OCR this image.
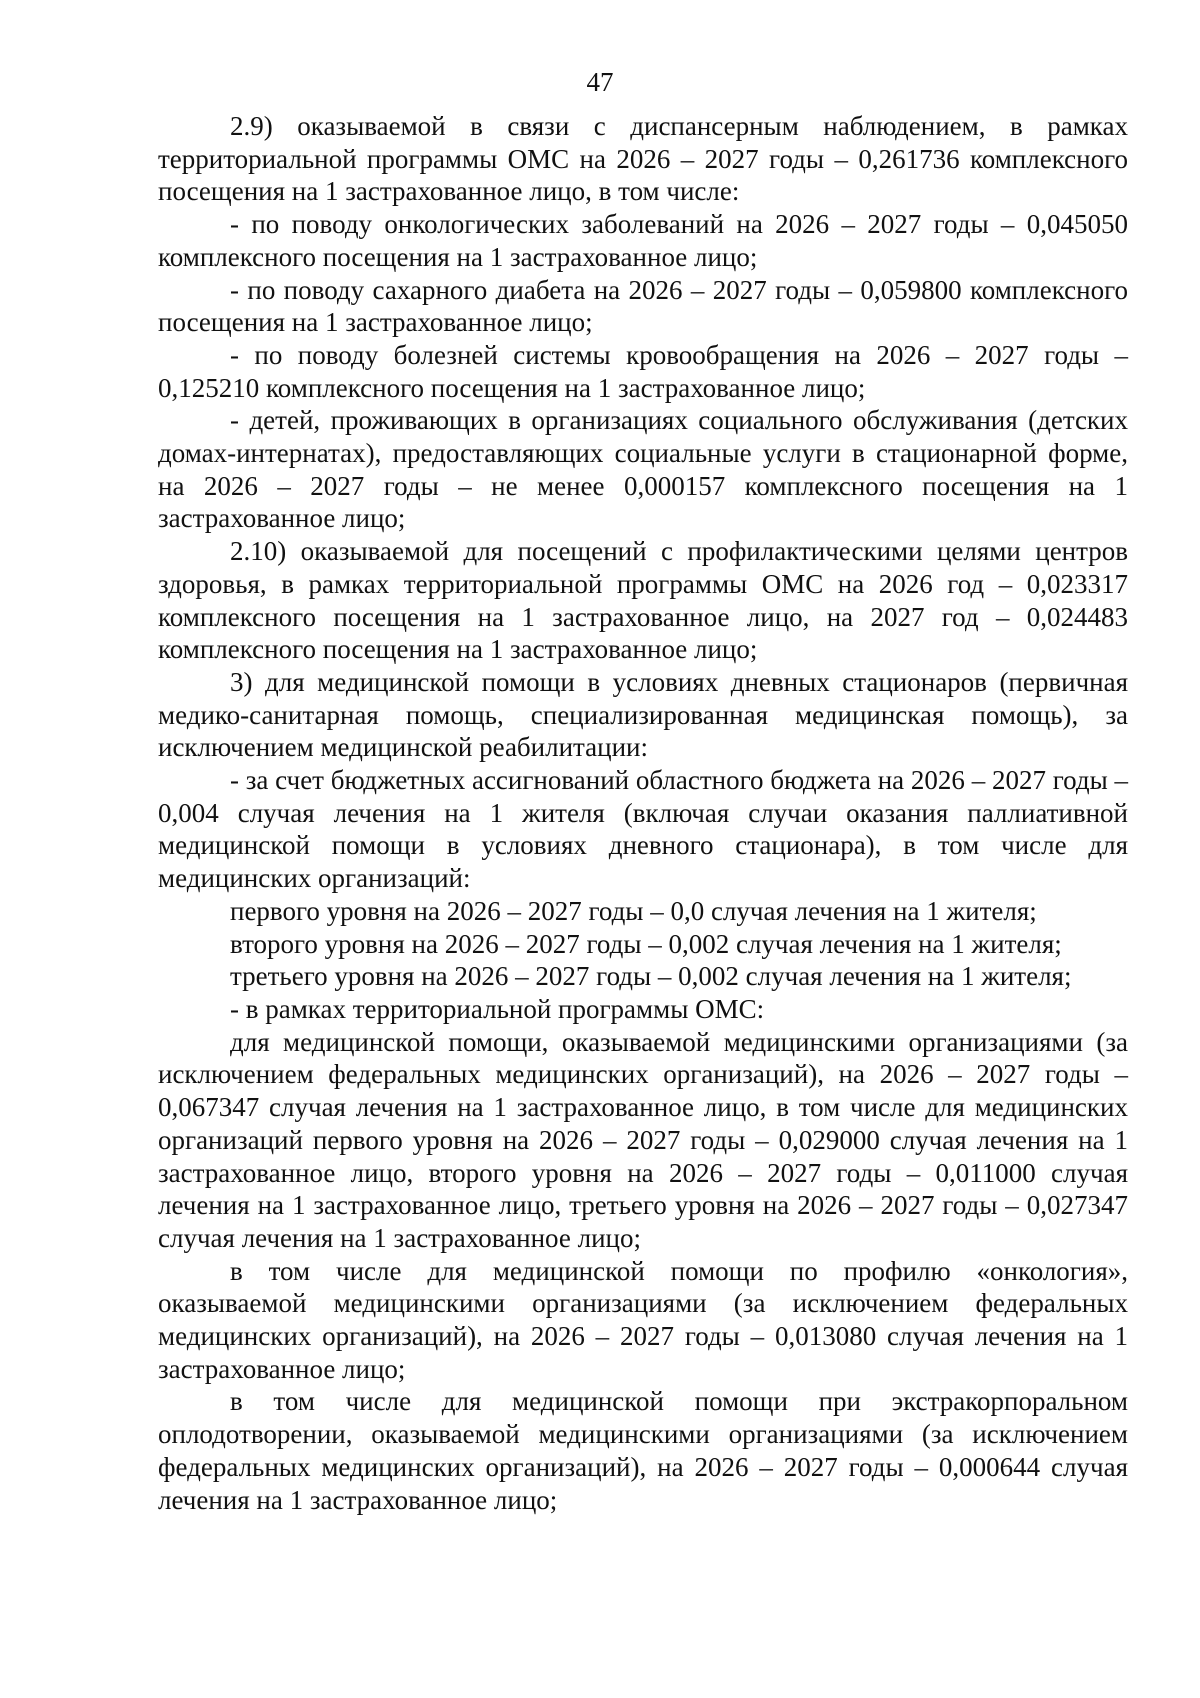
47

2.9) оказываемой в связи с диспансерным наблюдением, в рамках территориальной программы ОМС на 2026 – 2027 годы – 0,261736 комплексного посещения на 1 застрахованное лицо, в том числе:

- по поводу онкологических заболеваний на 2026 – 2027 годы – 0,045050 комплексного посещения на 1 застрахованное лицо;

- по поводу сахарного диабета на 2026 – 2027 годы – 0,059800 комплексного посещения на 1 застрахованное лицо;

- по поводу болезней системы кровообращения на 2026 – 2027 годы – 0,125210 комплексного посещения на 1 застрахованное лицо;

- детей, проживающих в организациях социального обслуживания (детских домах-интернатах), предоставляющих социальные услуги в стационарной форме, на 2026 – 2027 годы – не менее 0,000157 комплексного посещения на 1 застрахованное лицо;

2.10) оказываемой для посещений с профилактическими целями центров здоровья, в рамках территориальной программы ОМС на 2026 год – 0,023317 комплексного посещения на 1 застрахованное лицо, на 2027 год – 0,024483 комплексного посещения на 1 застрахованное лицо;

3) для медицинской помощи в условиях дневных стационаров (первичная медико-санитарная помощь, специализированная медицинская помощь), за исключением медицинской реабилитации:

- за счет бюджетных ассигнований областного бюджета на 2026 – 2027 годы – 0,004 случая лечения на 1 жителя (включая случаи оказания паллиативной медицинской помощи в условиях дневного стационара), в том числе для медицинских организаций:

первого уровня на 2026 – 2027 годы – 0,0 случая лечения на 1 жителя;

второго уровня на 2026 – 2027 годы – 0,002 случая лечения на 1 жителя;

третьего уровня на 2026 – 2027 годы – 0,002 случая лечения на 1 жителя;

- в рамках территориальной программы ОМС:

для медицинской помощи, оказываемой медицинскими организациями (за исключением федеральных медицинских организаций), на 2026 – 2027 годы – 0,067347 случая лечения на 1 застрахованное лицо, в том числе для медицинских организаций первого уровня на 2026 – 2027 годы – 0,029000 случая лечения на 1 застрахованное лицо, второго уровня на 2026 – 2027 годы – 0,011000 случая лечения на 1 застрахованное лицо, третьего уровня на 2026 – 2027 годы – 0,027347 случая лечения на 1 застрахованное лицо;

в том числе для медицинской помощи по профилю «онкология», оказываемой медицинскими организациями (за исключением федеральных медицинских организаций), на 2026 – 2027 годы – 0,013080 случая лечения на 1 застрахованное лицо;

в том числе для медицинской помощи при экстракорпоральном оплодотворении, оказываемой медицинскими организациями (за исключением федеральных медицинских организаций), на 2026 – 2027 годы – 0,000644 случая лечения на 1 застрахованное лицо;
